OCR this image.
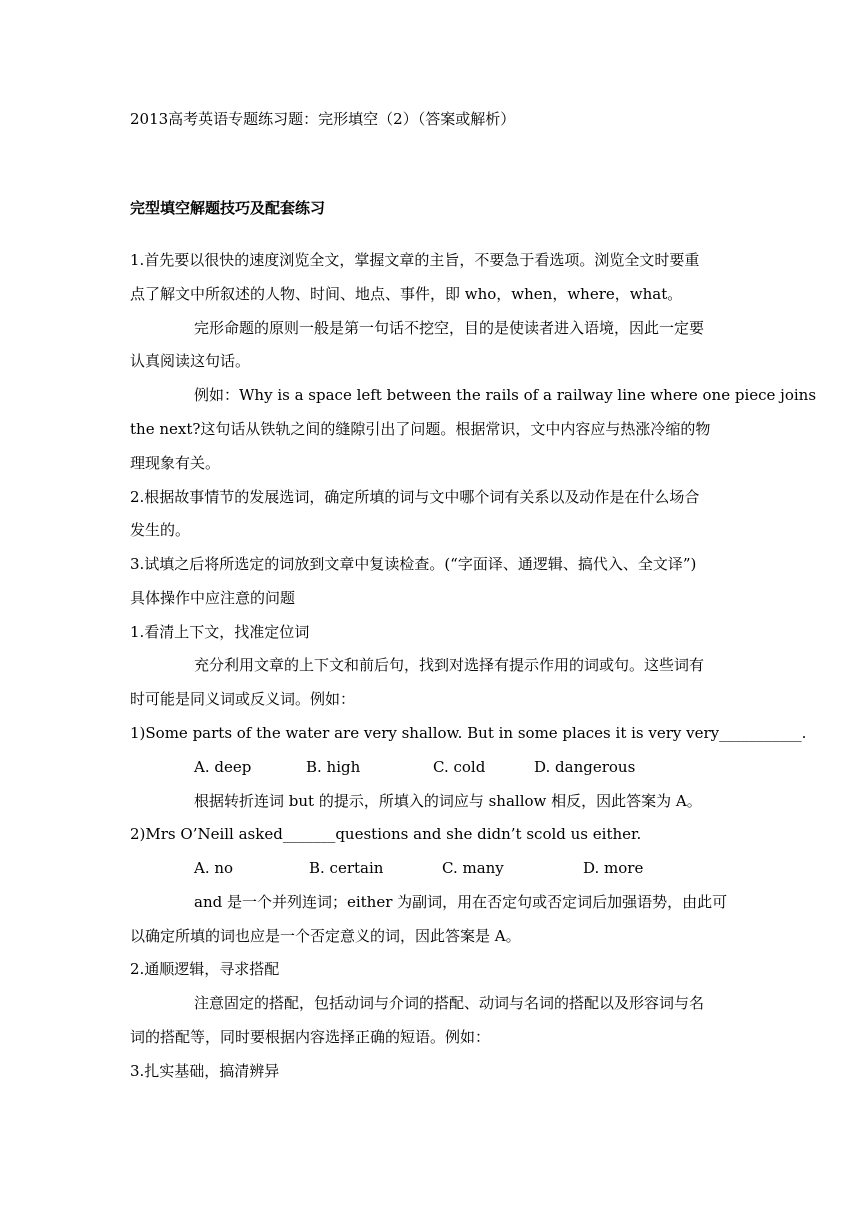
2013高考英语专题练习题：完形填空（2）（答案或解析）
完型填空解题技巧及配套练习
1.首先要以很快的速度浏览全文，掌握文章的主旨，不要急于看选项。浏览全文时要重
点了解文中所叙述的人物、时间、地点、事件，即 who，when，where，what。
完形命题的原则一般是第一句话不挖空，目的是使读者进入语境，因此一定要
认真阅读这句话。
例如：Why is a space left between the rails of a railway line where one piece joins
the next?这句话从铁轨之间的缝隙引出了问题。根据常识，文中内容应与热涨冷缩的物
理现象有关。
2.根据故事情节的发展选词，确定所填的词与文中哪个词有关系以及动作是在什么场合
发生的。
3.试填之后将所选定的词放到文章中复读检查。(“字面译、通逻辑、搞代入、全文译”)
具体操作中应注意的问题
1.看清上下文，找准定位词
充分利用文章的上下文和前后句，找到对选择有提示作用的词或句。这些词有
时可能是同义词或反义词。例如：
1)Some parts of the water are very shallow. But in some places it is very very___________.
A. deep	B. high	C. cold	D. dangerous
根据转折连词 but 的提示，所填入的词应与 shallow 相反，因此答案为 A。
2)Mrs O’Neill asked_______questions and she didn’t scold us either.
A. no	B. certain	C. many	D. more
and 是一个并列连词；either 为副词，用在否定句或否定词后加强语势，由此可
以确定所填的词也应是一个否定意义的词，因此答案是 A。
2.通顺逻辑，寻求搭配
注意固定的搭配，包括动词与介词的搭配、动词与名词的搭配以及形容词与名
词的搭配等，同时要根据内容选择正确的短语。例如：
3.扎实基础，搞清辨异
